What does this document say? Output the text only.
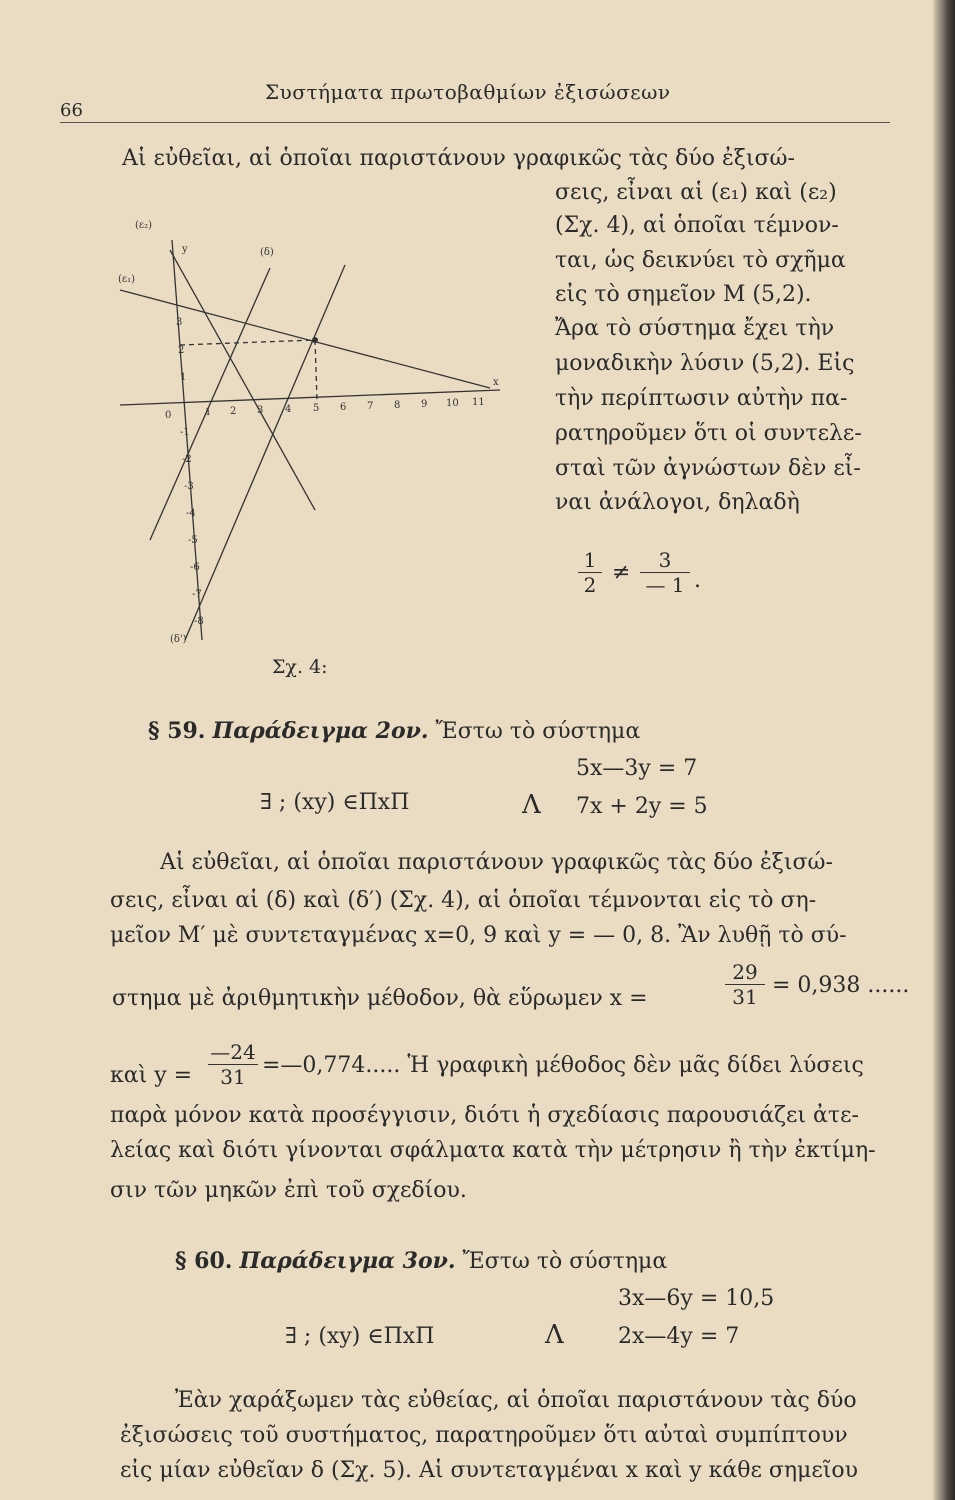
66
Συστήματα πρωτοβαθμίων ἐξισώσεων
Αἱ εὐθεῖαι, αἱ ὁποῖαι παριστάνουν γραφικῶς τὰς δύο ἐξισώ-
σεις, εἶναι αἱ (ε₁) καὶ (ε₂)
(Σχ. 4), αἱ ὁποῖαι τέμνον-
ται, ὡς δεικνύει τὸ σχῆμα
εἰς τὸ σημεῖον Μ (5,2).
Ἄρα τὸ σύστημα ἔχει τὴν
μοναδικὴν λύσιν (5,2). Εἰς
τὴν περίπτωσιν αὐτὴν πα-
ρατηροῦμεν ὅτι οἱ συντελε-
σταὶ τῶν ἀγνώστων δὲν εἶ-
ναι ἀνάλογοι, δηλαδὴ
1
2 ≠	3
— 1 .
(ε₂)
(ε₁)
(δ)
y
x
0	1 2 3 4 5 6 7 8 9 10 11
1
2
3
-1
-2
-3
-4
-5
-6
-7
-8
(δ')
Σχ. 4:
§ 59. Παράδειγμα 2ον. Ἔστω τὸ σύστημα
5x—3y = 7
∃ ; (xy) ∈ΠxΠ	Λ 7x + 2y = 5
Αἱ εὐθεῖαι, αἱ ὁποῖαι παριστάνουν γραφικῶς τὰς δύο ἐξισώ-
σεις, εἶναι αἱ (δ) καὶ (δ′) (Σχ. 4), αἱ ὁποῖαι τέμνονται εἰς τὸ ση-
μεῖον Μ′ μὲ συντεταγμένας x=0, 9 καὶ y = — 0, 8. Ἂν λυθῇ τὸ σύ-
στημα μὲ ἀριθμητικὴν μέθοδον, θὰ εὕρωμεν x =
29
31 = 0,938 ......
καὶ y =
—24
31 =—0,774..... Ἡ γραφικὴ μέθοδος δὲν μᾶς δίδει λύσεις
παρὰ μόνον κατὰ προσέγγισιν, διότι ἡ σχεδίασις παρουσιάζει ἀτε-
λείας καὶ διότι γίνονται σφάλματα κατὰ τὴν μέτρησιν ἢ τὴν ἐκτίμη-
σιν τῶν μηκῶν ἐπὶ τοῦ σχεδίου.
§ 60. Παράδειγμα 3ον. Ἔστω τὸ σύστημα
3x—6y = 10,5
∃ ; (xy) ∈ΠxΠ	Λ 2x—4y = 7
Ἐὰν χαράξωμεν τὰς εὐθείας, αἱ ὁποῖαι παριστάνουν τὰς δύο
ἐξισώσεις τοῦ συστήματος, παρατηροῦμεν ὅτι αὐταὶ συμπίπτουν
εἰς μίαν εὐθεῖαν δ (Σχ. 5). Αἱ συντεταγμέναι x καὶ y κάθε σημεῖου
